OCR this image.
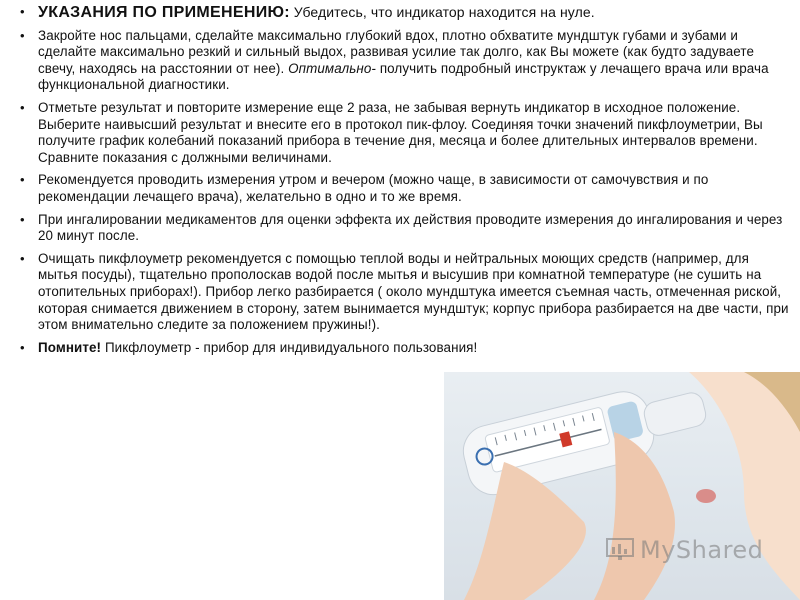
• УКАЗАНИЯ ПО ПРИМЕНЕНИЮ: Убедитесь, что индикатор находится на нуле.
• Закройте нос пальцами, сделайте максимально глубокий вдох, плотно обхватите мундштук губами и зубами и сделайте максимально резкий и сильный выдох, развивая усилие так долго, как Вы можете (как будто задуваете свечу, находясь на расстоянии от нее). Оптимально- получить подробный инструктаж у лечащего врача или врача функциональной диагностики.
• Отметьте результат и повторите измерение еще 2 раза, не забывая вернуть индикатор в исходное положение. Выберите наивысший результат и внесите его в протокол пик-флоу. Соединяя точки значений пикфлоуметрии, Вы получите график колебаний показаний прибора в течение дня, месяца и более длительных интервалов времени. Сравните показания с должными величинами.
• Рекомендуется проводить измерения утром и вечером (можно чаще, в зависимости от самочувствия и по рекомендации лечащего врача), желательно в одно и то же время.
• При ингалировании медикаментов для оценки эффекта их действия проводите измерения до ингалирования и через 20 минут после.
• Очищать пикфлоуметр рекомендуется с помощью теплой воды и нейтральных моющих средств (например, для мытья посуды), тщательно прополоскав водой после мытья и высушив при комнатной температуре (не сушить на отопительных приборах!). Прибор легко разбирается ( около мундштука имеется съемная часть, отмеченная риской, которая снимается движением в сторону, затем вынимается мундштук; корпус прибора разбирается на две части, при этом внимательно следите за положением пружины!).
• Помните! Пикфлоуметр - прибор для индивидуального пользования!
MyShared
